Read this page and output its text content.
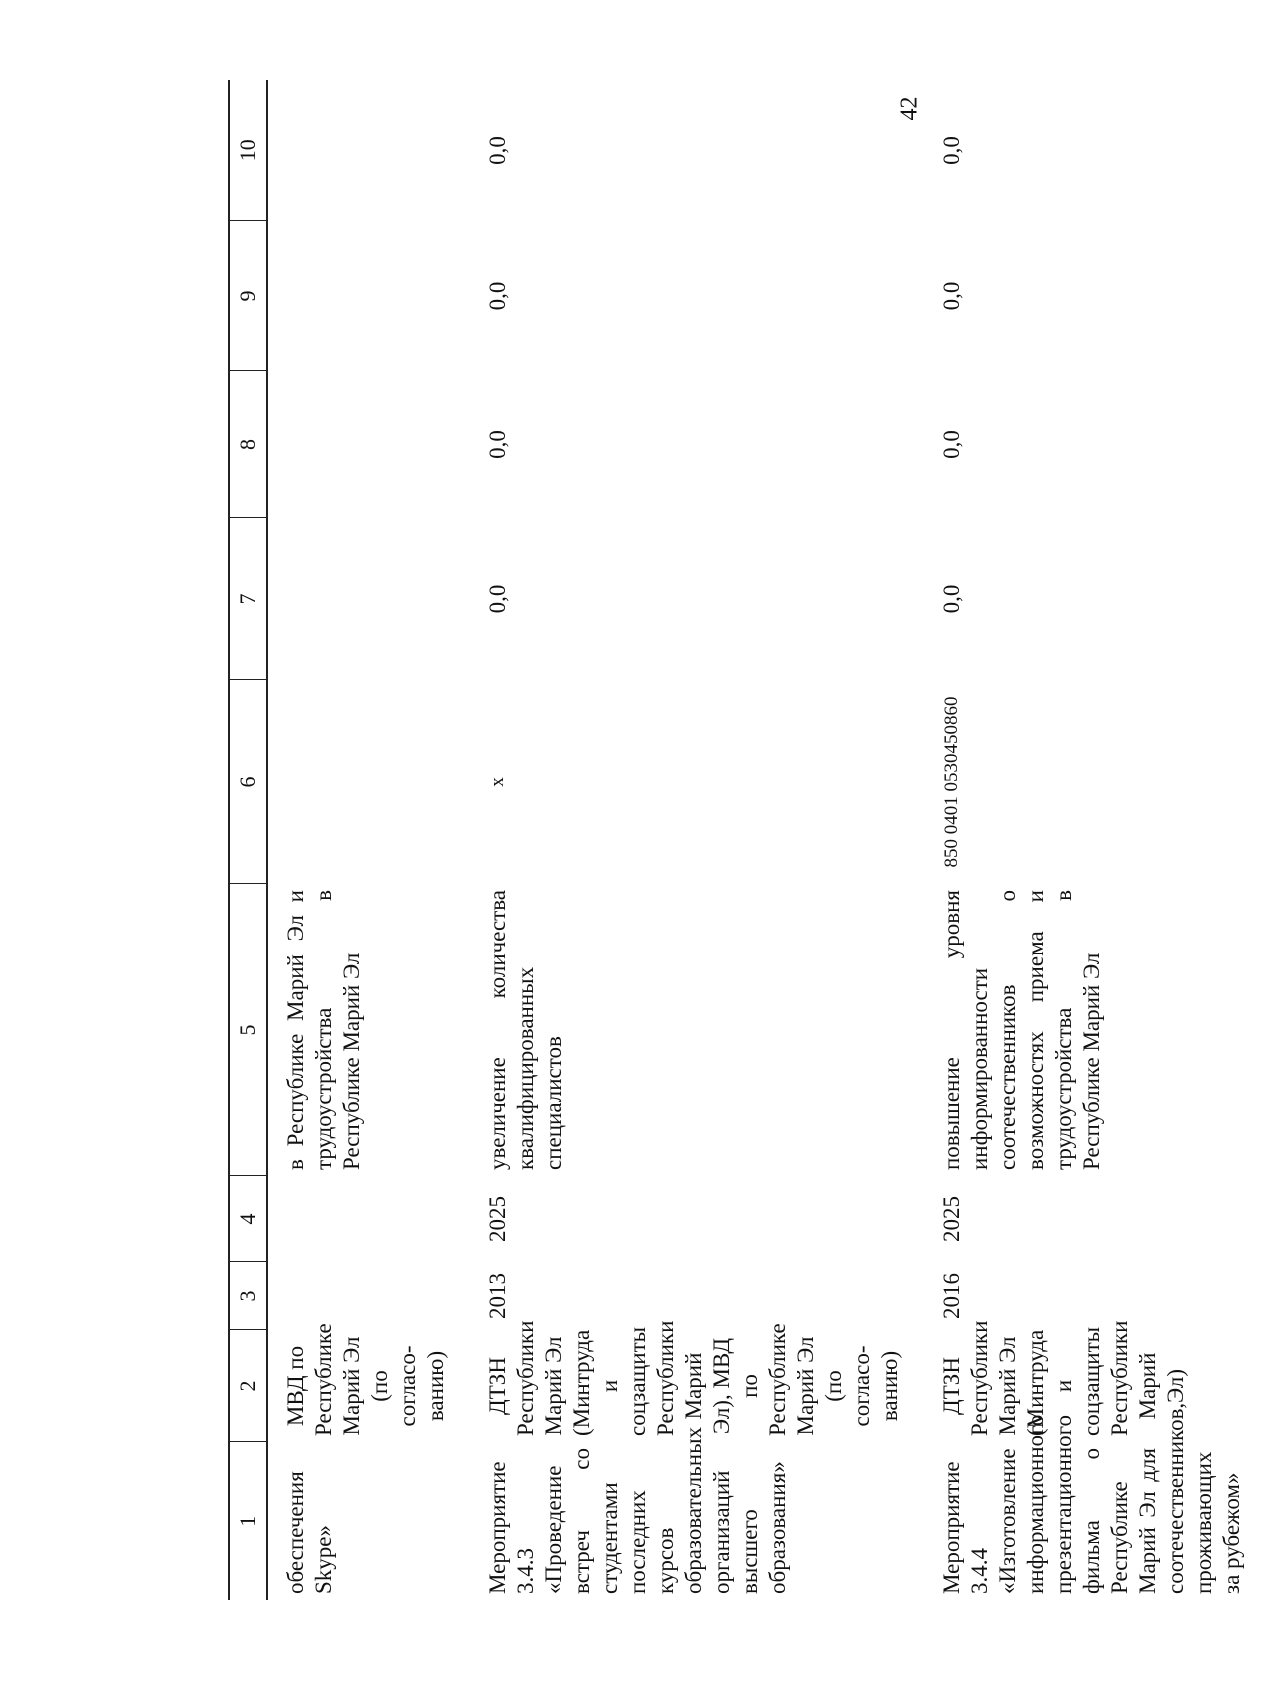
42
1	2	3	4	5	6	7	8	9	10
обеспечения Skype»	МВД по Республике Марий Эл (по согласо-ванию)			в Республике Марий Эл и трудоустройства в Республике Марий Эл					
Мероприятие 3.4.3 «Проведение встреч со студентами последних курсов образовательных организаций высшего образования»	ДТЗН Республики Марий Эл (Минтруда и соцзащиты Республики Марий Эл), МВД по Республике Марий Эл (по согласо-ванию)	2013	2025	увеличение количества квалифицированных специалистов	x	0,0	0,0	0,0	0,0
Мероприятие 3.4.4 «Изготовление информационного презентационного фильма о Республике Марий Эл для соотечественников, проживающих за рубежом»	ДТЗН Республики Марий Эл (Минтруда и соцзащиты Республики Марий Эл)	2016	2025	повышение уровня информированности соотечественников о возможностях приема и трудоустройства в Республике Марий Эл	850 0401 0530450860	0,0	0,0	0,0	0,0
